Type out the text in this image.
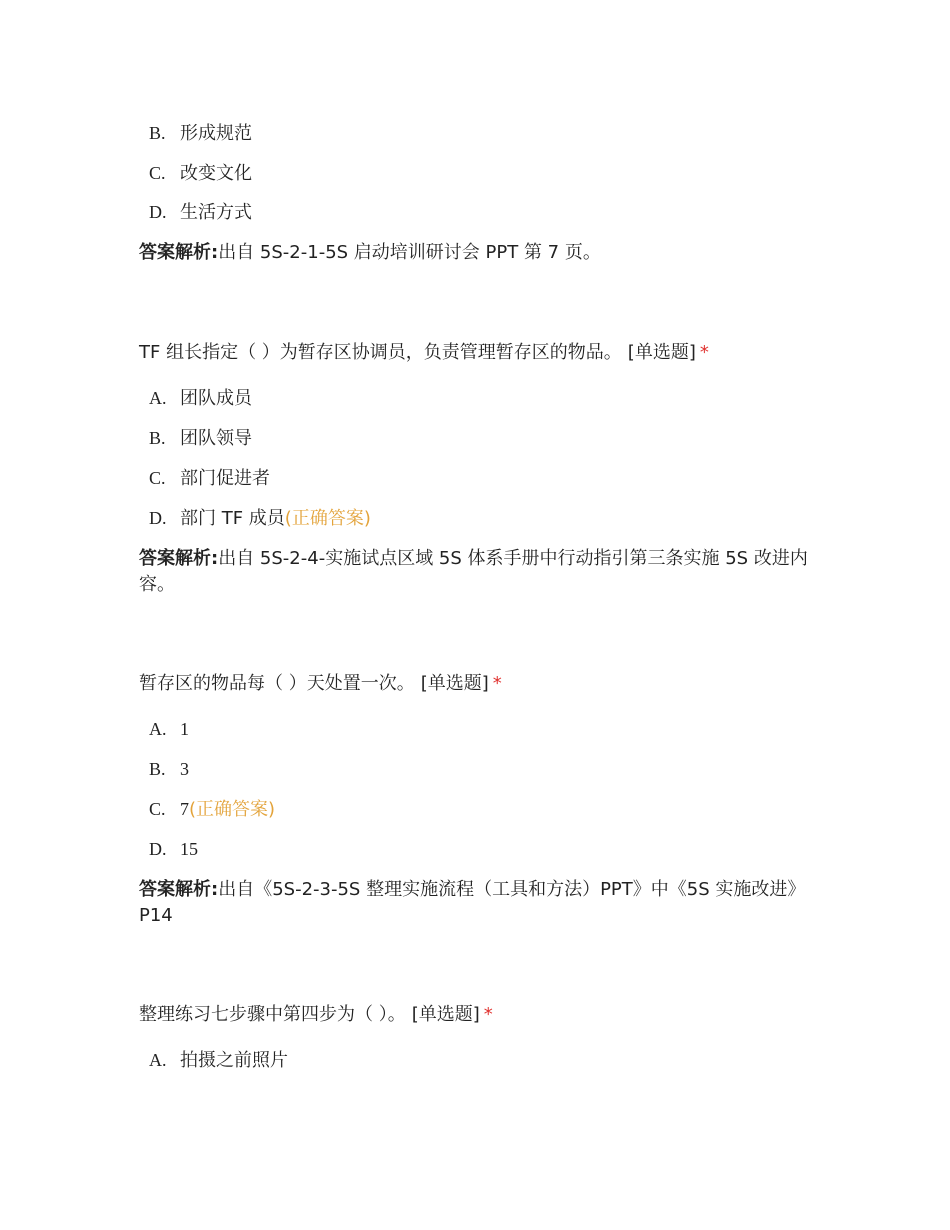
B. 形成规范
C. 改变文化
D. 生活方式
答案解析:出自 5S-2-1-5S 启动培训研讨会 PPT 第 7 页。
TF 组长指定（ ）为暂存区协调员，负责管理暂存区的物品。 [单选题] *
A. 团队成员
B. 团队领导
C. 部门促进者
D. 部门 TF 成员(正确答案)
答案解析:出自 5S-2-4-实施试点区域 5S 体系手册中行动指引第三条实施 5S 改进内容。
暂存区的物品每（ ）天处置一次。 [单选题] *
A. 1
B. 3
C. 7(正确答案)
D. 15
答案解析:出自《5S-2-3-5S 整理实施流程（工具和方法）PPT》中《5S 实施改进》P14
整理练习七步骤中第四步为（ ）。 [单选题] *
A. 拍摄之前照片
